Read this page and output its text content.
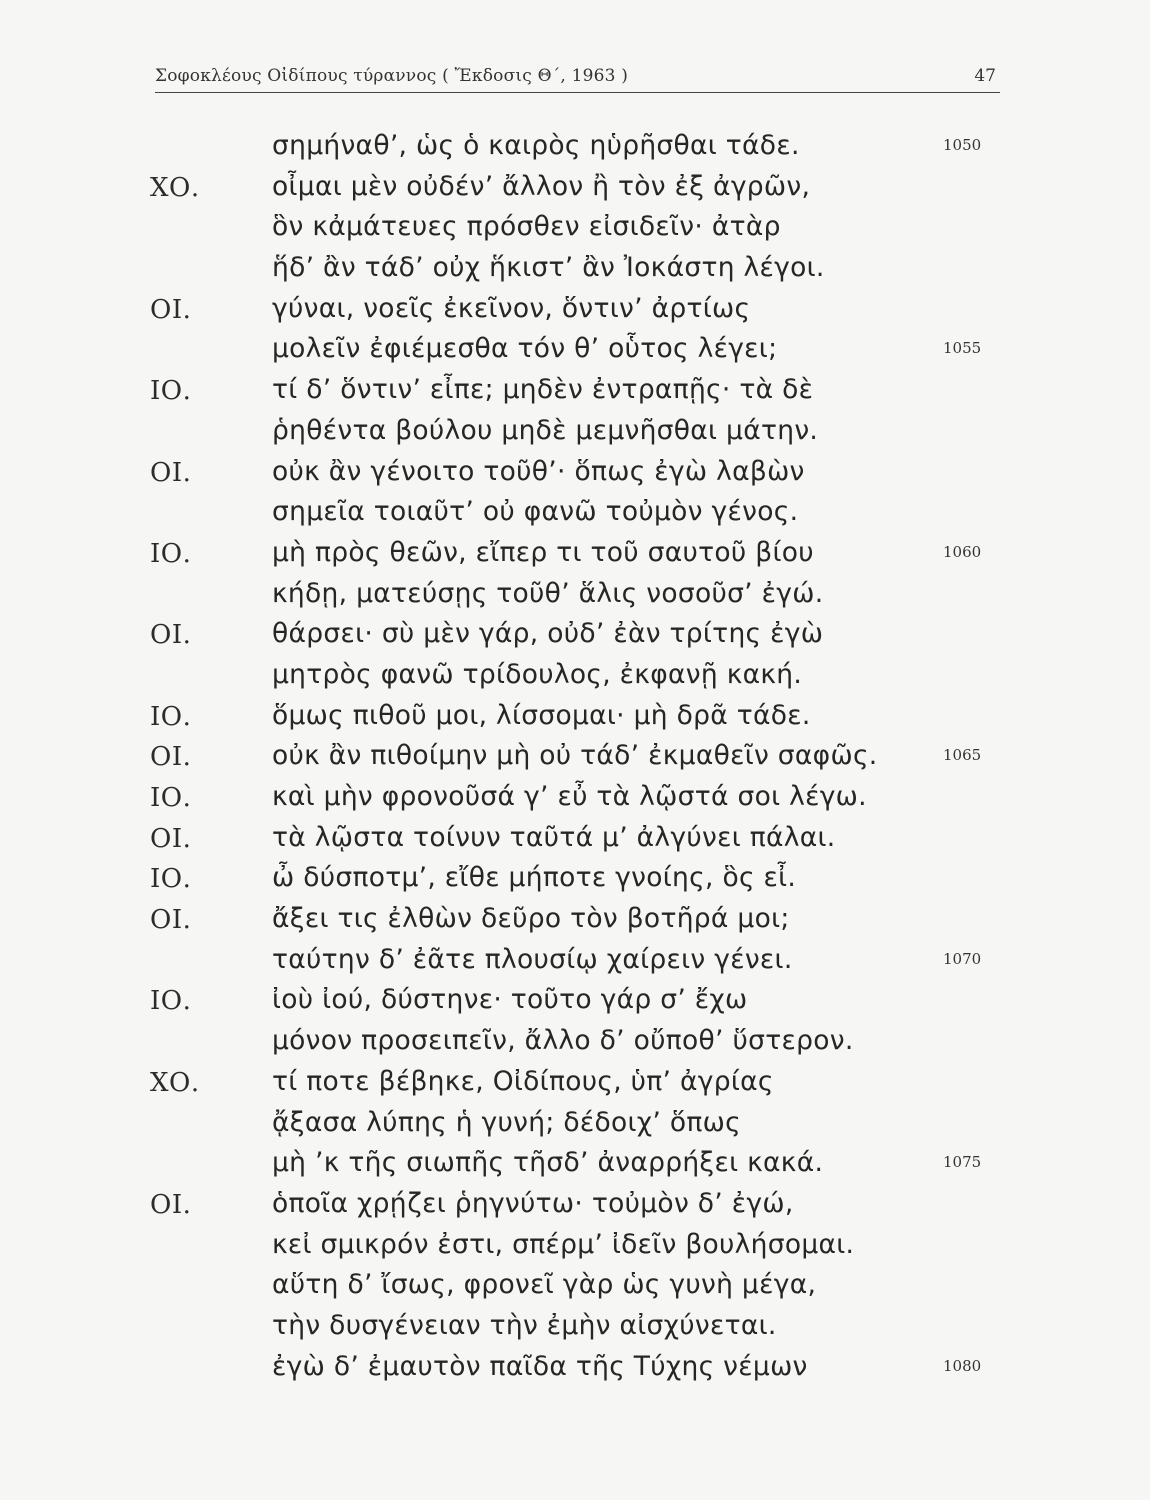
Σοφοκλέους Οἰδίπους τύραννος ( Ἔκδοσις Θ΄, 1963 )	47
σημήναθ’, ὡς ὁ καιρὸς ηὑρῆσθαι τάδε.	1050
ΧΟ.	οἶμαι μὲν οὐδέν’ ἄλλον ἢ τὸν ἐξ ἀγρῶν,
ὃν κἀμάτευες πρόσθεν εἰσιδεῖν· ἀτὰρ
ἥδ’ ἂν τάδ’ οὐχ ἥκιστ’ ἂν Ἰοκάστη λέγοι.
ΟΙ.	γύναι, νοεῖς ἐκεῖνον, ὅντιν’ ἀρτίως
μολεῖν ἐφιέμεσθα τόν θ’ οὗτος λέγει;	1055
ΙΟ.	τί δ’ ὅντιν’ εἶπε; μηδὲν ἐντραπῇς· τὰ δὲ
ῥηθέντα βούλου μηδὲ μεμνῆσθαι μάτην.
ΟΙ.	οὐκ ἂν γένοιτο τοῦθ’· ὅπως ἐγὼ λαβὼν
σημεῖα τοιαῦτ’ οὐ φανῶ τοὐμὸν γένος.
ΙΟ.	μὴ πρὸς θεῶν, εἴπερ τι τοῦ σαυτοῦ βίου	1060
κήδῃ, ματεύσῃς τοῦθ’ ἅλις νοσοῦσ’ ἐγώ.
ΟΙ.	θάρσει· σὺ μὲν γάρ, οὐδ’ ἐὰν τρίτης ἐγὼ
μητρὸς φανῶ τρίδουλος, ἐκφανῇ κακή.
ΙΟ.	ὅμως πιθοῦ μοι, λίσσομαι· μὴ δρᾶ τάδε.
ΟΙ.	οὐκ ἂν πιθοίμην μὴ οὐ τάδ’ ἐκμαθεῖν σαφῶς.	1065
ΙΟ.	καὶ μὴν φρονοῦσά γ’ εὖ τὰ λῷστά σοι λέγω.
ΟΙ.	τὰ λῷστα τοίνυν ταῦτά μ’ ἀλγύνει πάλαι.
ΙΟ.	ὦ δύσποτμ’, εἴθε μήποτε γνοίης, ὃς εἶ.
ΟΙ.	ἄξει τις ἐλθὼν δεῦρο τὸν βοτῆρά μοι;
ταύτην δ’ ἐᾶτε πλουσίῳ χαίρειν γένει.	1070
ΙΟ.	ἰοὺ ἰού, δύστηνε· τοῦτο γάρ σ’ ἔχω
μόνον προσειπεῖν, ἄλλο δ’ οὔποθ’ ὕστερον.
ΧΟ.	τί ποτε βέβηκε, Οἰδίπους, ὑπ’ ἀγρίας
ᾄξασα λύπης ἡ γυνή; δέδοιχ’ ὅπως
μὴ ’κ τῆς σιωπῆς τῆσδ’ ἀναρρήξει κακά.	1075
ΟΙ.	ὁποῖα χρῄζει ῥηγνύτω· τοὐμὸν δ’ ἐγώ,
κεἰ σμικρόν ἐστι, σπέρμ’ ἰδεῖν βουλήσομαι.
αὕτη δ’ ἴσως, φρονεῖ γὰρ ὡς γυνὴ μέγα,
τὴν δυσγένειαν τὴν ἐμὴν αἰσχύνεται.
ἐγὼ δ’ ἐμαυτὸν παῖδα τῆς Τύχης νέμων	1080
